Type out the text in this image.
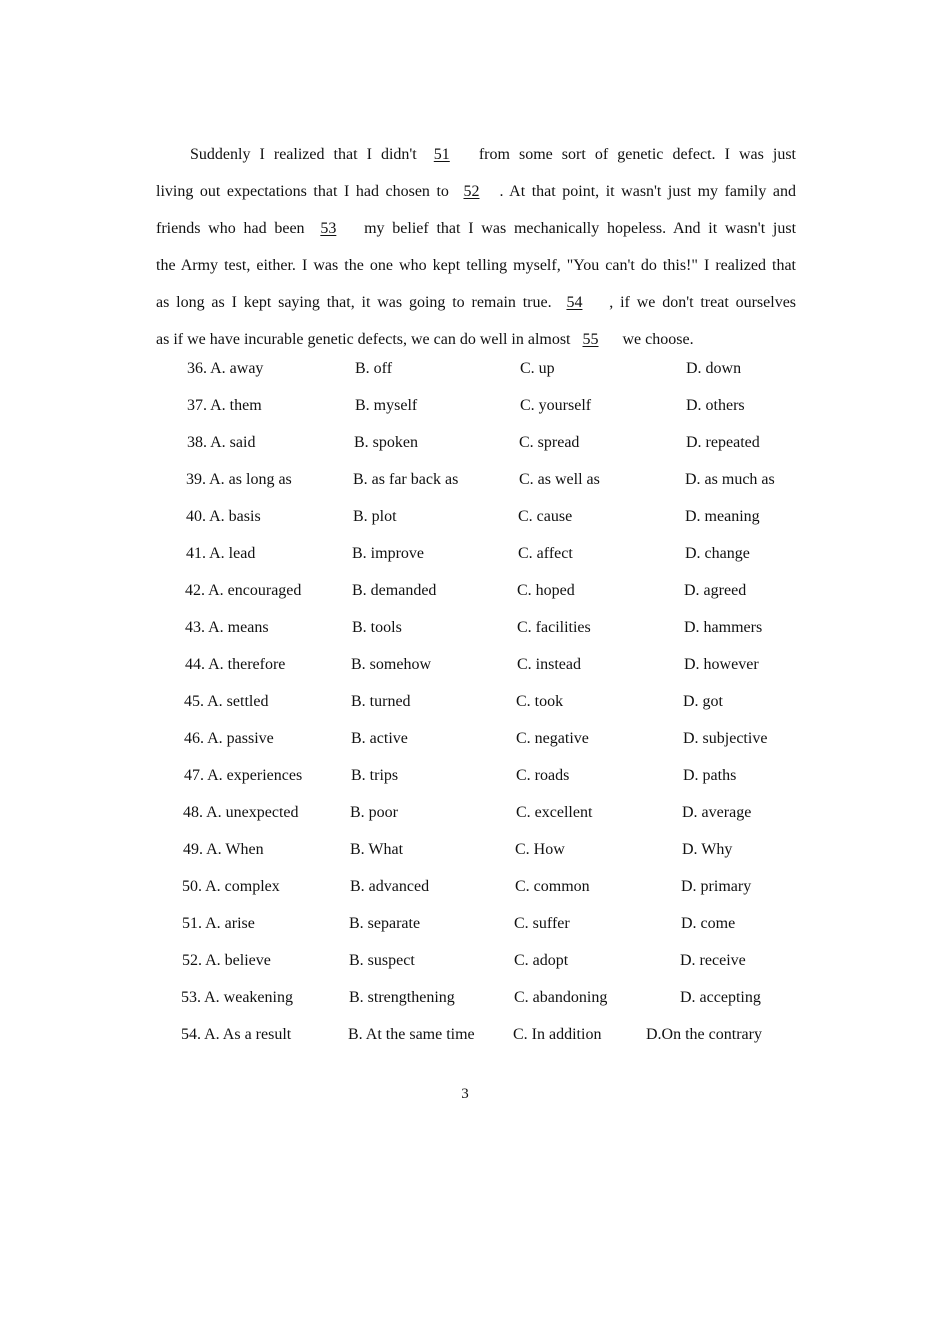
Suddenly I realized that I didn't 51 from some sort of genetic defect. I was just
living out expectations that I had chosen to 52 . At that point, it wasn't just my family and
friends who had been 53 my belief that I was mechanically hopeless. And it wasn't just
the Army test, either. I was the one who kept telling myself, "You can't do this!" I realized that
as long as I kept saying that, it was going to remain true. 54 , if we don't treat ourselves
as if we have incurable genetic defects, we can do well in almost 55 we choose.
36. A. away	B. off	C. up	D. down
37. A. them	B. myself	C. yourself	D. others
38. A. said	B. spoken	C. spread	D. repeated
39. A. as long as	B. as far back as	C. as well as	D. as much as
40. A. basis	B. plot	C. cause	D. meaning
41. A. lead	B. improve	C. affect	D. change
42. A. encouraged	B. demanded	C. hoped	D. agreed
43. A. means	B. tools	C. facilities	D. hammers
44. A. therefore	B. somehow	C. instead	D. however
45. A. settled	B. turned	C. took	D. got
46. A. passive	B. active	C. negative	D. subjective
47. A. experiences	B. trips	C. roads	D. paths
48. A. unexpected	B. poor	C. excellent	D. average
49. A. When	B. What	C. How	D. Why
50. A. complex	B. advanced	C. common	D. primary
51. A. arise	B. separate	C. suffer	D. come
52. A. believe	B. suspect	C. adopt	D. receive
53. A. weakening	B. strengthening	C. abandoning	D. accepting
54. A. As a result	B. At the same time C. In addition	D.On the contrary
3
